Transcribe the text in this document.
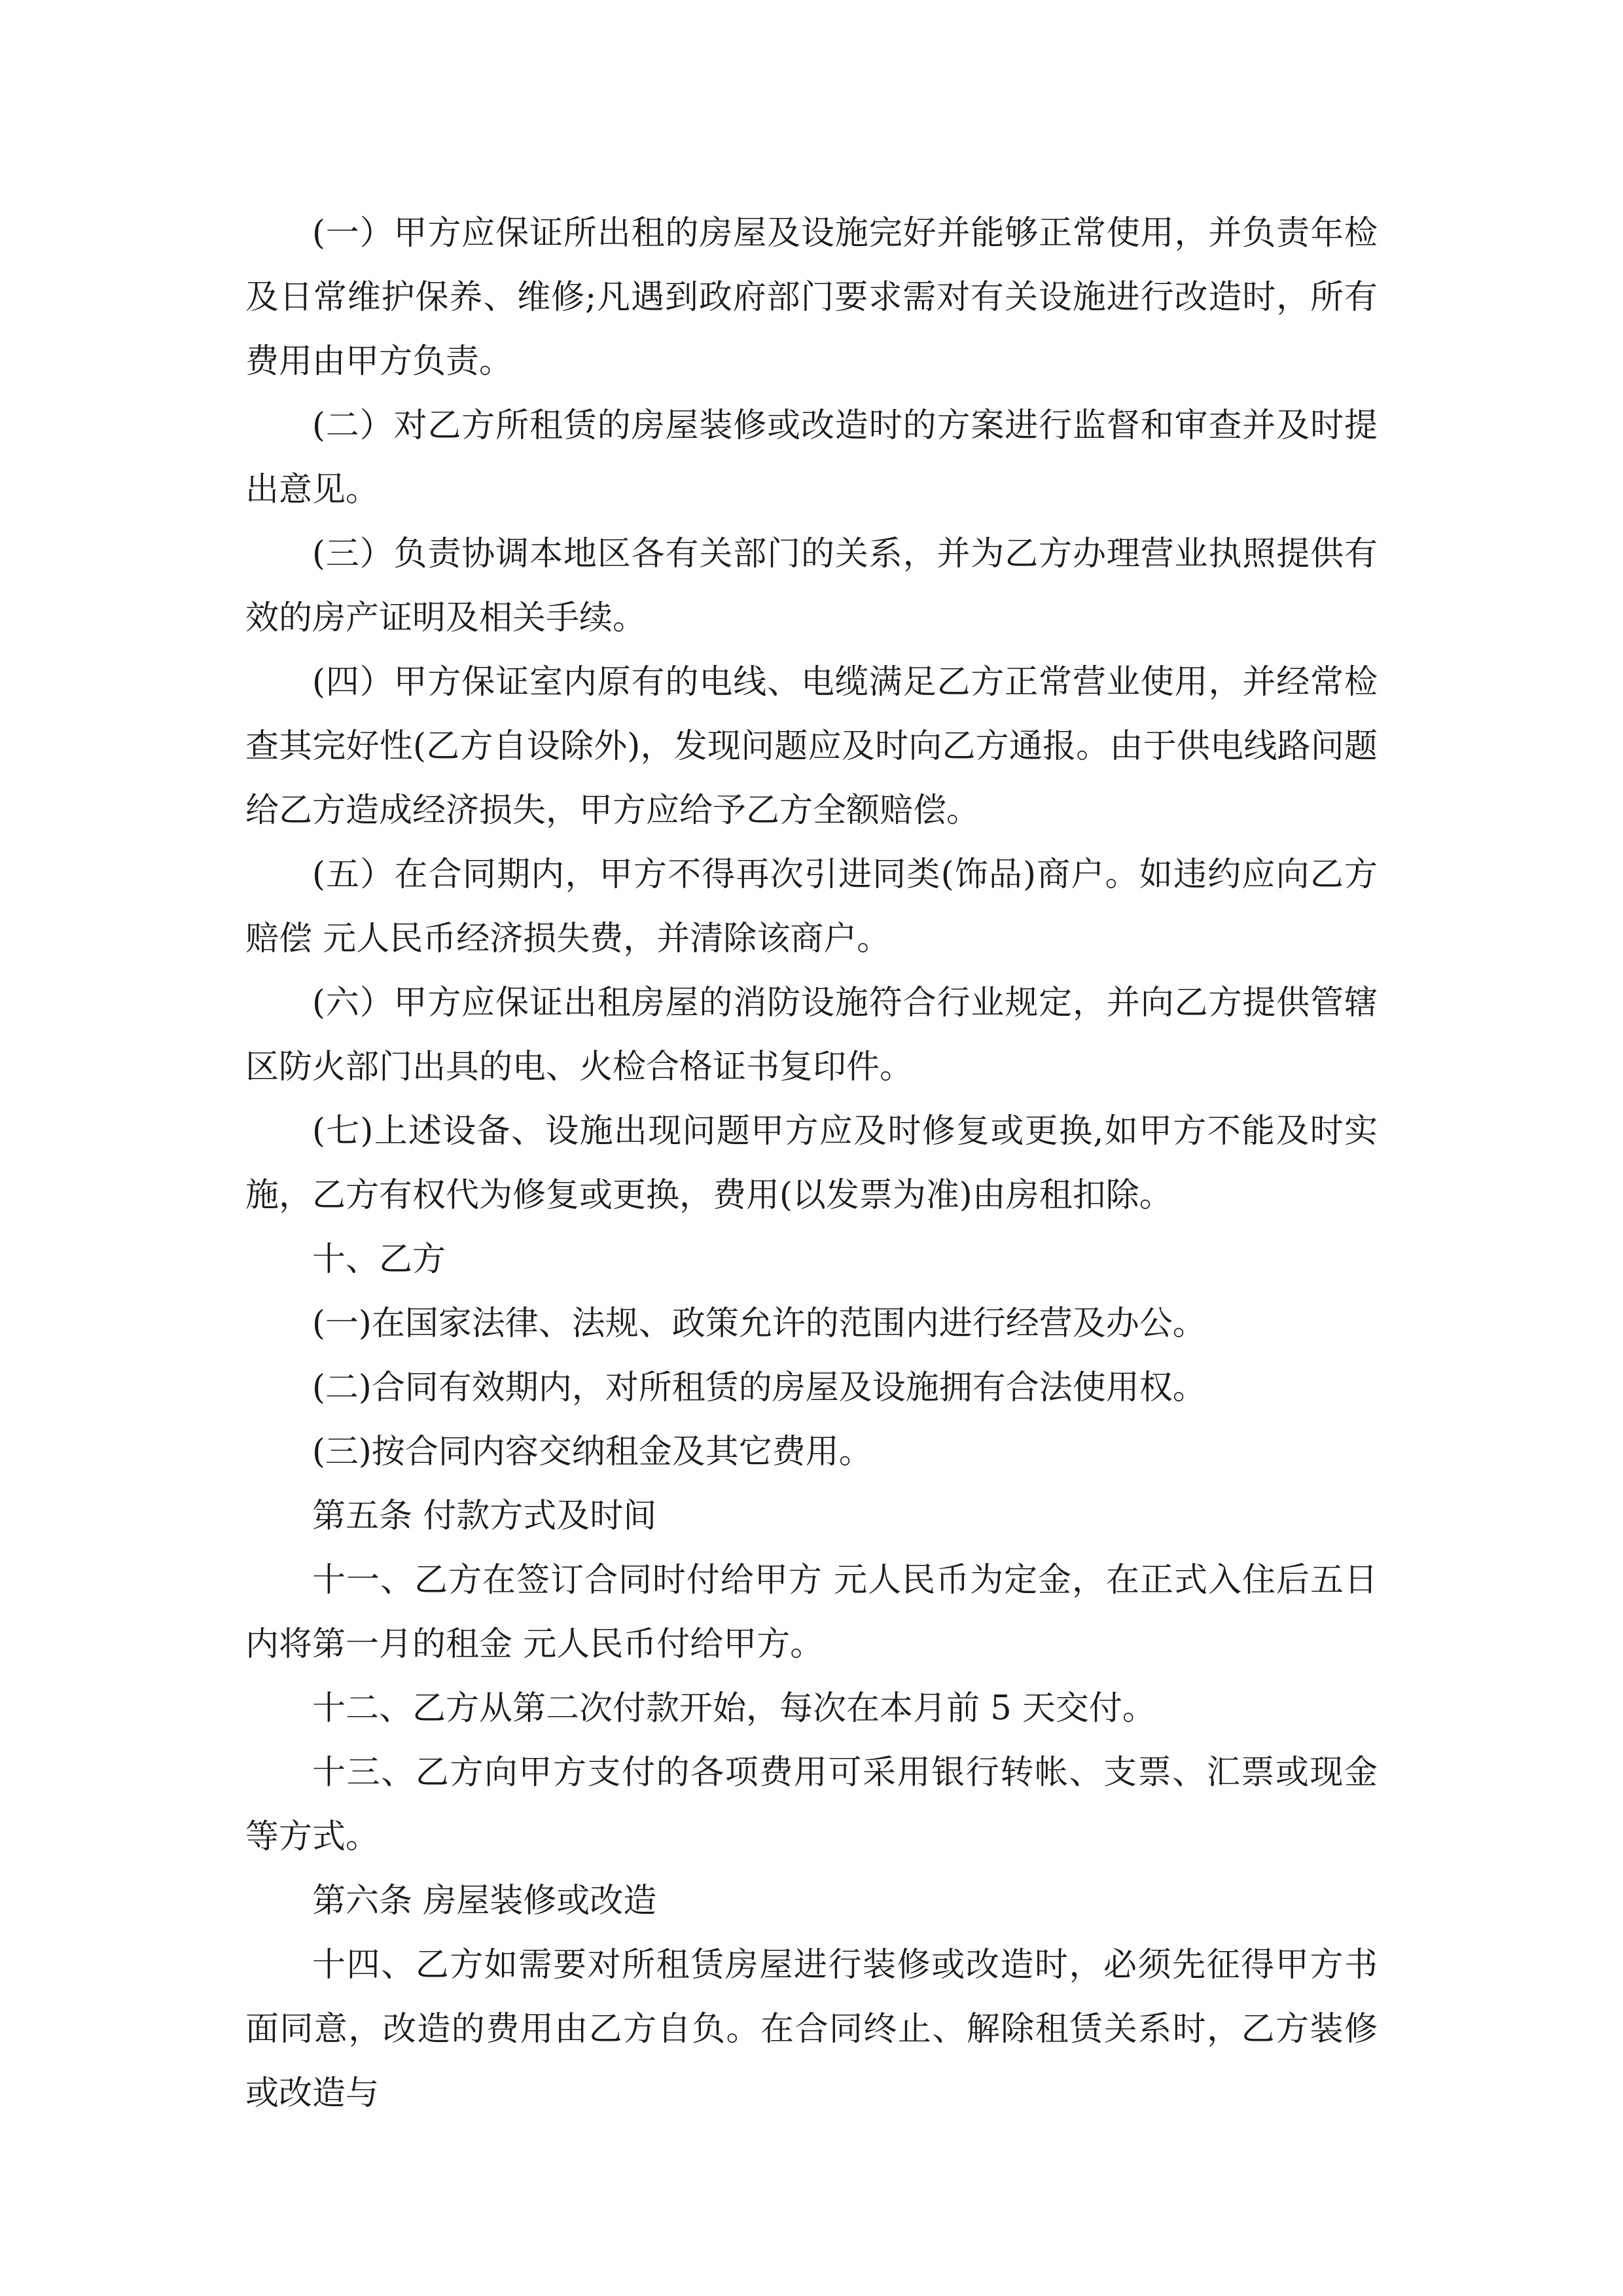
(一）甲方应保证所出租的房屋及设施完好并能够正常使用，并负责年检及日常维护保养、维修;凡遇到政府部门要求需对有关设施进行改造时，所有费用由甲方负责。

(二）对乙方所租赁的房屋装修或改造时的方案进行监督和审查并及时提出意见。

(三）负责协调本地区各有关部门的关系，并为乙方办理营业执照提供有效的房产证明及相关手续。

(四）甲方保证室内原有的电线、电缆满足乙方正常营业使用，并经常检查其完好性(乙方自设除外)，发现问题应及时向乙方通报。由于供电线路问题给乙方造成经济损失，甲方应给予乙方全额赔偿。

(五）在合同期内，甲方不得再次引进同类(饰品)商户。如违约应向乙方赔偿 元人民币经济损失费，并清除该商户。

(六）甲方应保证出租房屋的消防设施符合行业规定，并向乙方提供管辖区防火部门出具的电、火检合格证书复印件。

(七)上述设备、设施出现问题甲方应及时修复或更换,如甲方不能及时实施，乙方有权代为修复或更换，费用(以发票为准)由房租扣除。

十、乙方

(一)在国家法律、法规、政策允许的范围内进行经营及办公。

(二)合同有效期内，对所租赁的房屋及设施拥有合法使用权。

(三)按合同内容交纳租金及其它费用。

第五条 付款方式及时间

十一、乙方在签订合同时付给甲方 元人民币为定金，在正式入住后五日内将第一月的租金 元人民币付给甲方。

十二、乙方从第二次付款开始，每次在本月前 5 天交付。

十三、乙方向甲方支付的各项费用可采用银行转帐、支票、汇票或现金等方式。

第六条 房屋装修或改造

十四、乙方如需要对所租赁房屋进行装修或改造时，必须先征得甲方书面同意，改造的费用由乙方自负。在合同终止、解除租赁关系时，乙方装修或改造与
